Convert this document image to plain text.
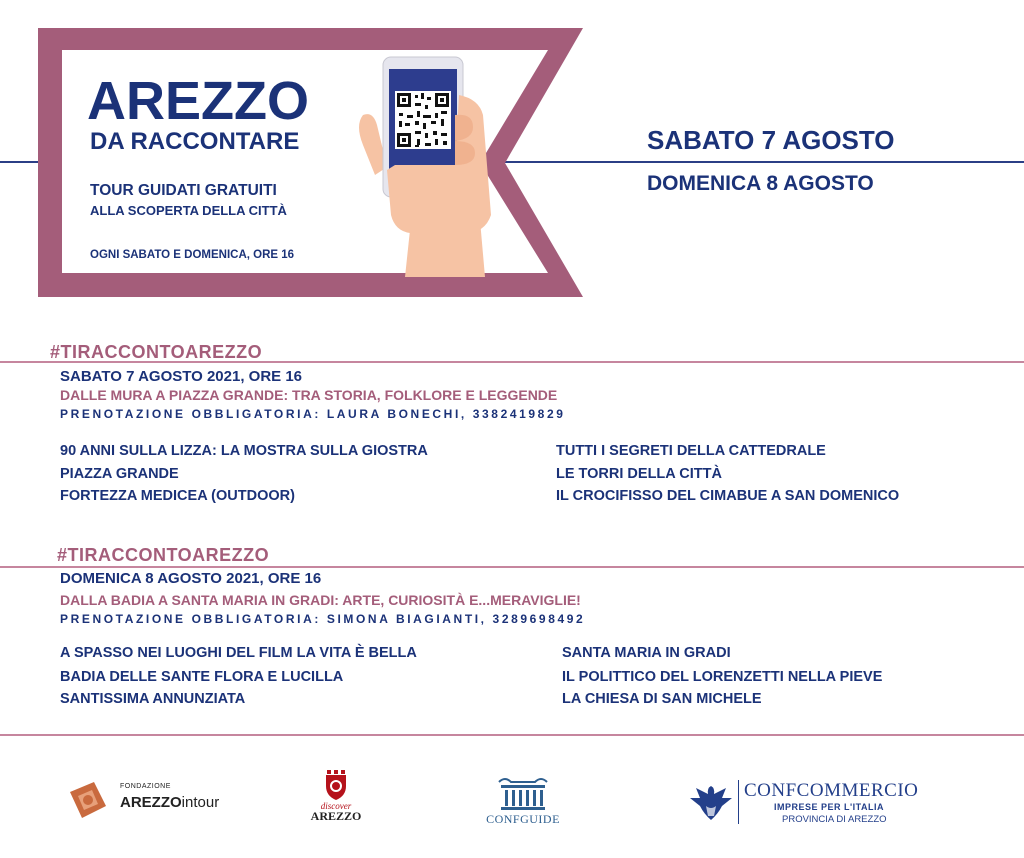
AREZZO
DA RACCONTARE
TOUR GUIDATI GRATUITI
ALLA SCOPERTA DELLA CITTÀ
OGNI SABATO E DOMENICA, ORE 16
SABATO 7 AGOSTO
DOMENICA 8 AGOSTO
#TIRACCONTOAREZZO
SABATO 7 AGOSTO 2021, ORE 16
DALLE MURA A PIAZZA GRANDE: TRA STORIA, FOLKLORE E LEGGENDE
PRENOTAZIONE OBBLIGATORIA: LAURA BONECHI, 3382419829
90 ANNI SULLA LIZZA: LA MOSTRA SULLA GIOSTRA
PIAZZA GRANDE
FORTEZZA MEDICEA (OUTDOOR)
TUTTI I SEGRETI DELLA CATTEDRALE
LE TORRI DELLA CITTÀ
IL CROCIFISSO DEL CIMABUE A SAN DOMENICO
#TIRACCONTOAREZZO
DOMENICA 8 AGOSTO 2021, ORE 16
DALLA BADIA A SANTA MARIA IN GRADI: ARTE, CURIOSITÀ E...MERAVIGLIE!
PRENOTAZIONE OBBLIGATORIA: SIMONA BIAGIANTI, 3289698492
A SPASSO NEI LUOGHI DEL FILM LA VITA È BELLA
BADIA DELLE SANTE FLORA E LUCILLA
SANTISSIMA ANNUNZIATA
SANTA MARIA IN GRADI
IL POLITTICO DEL LORENZETTI NELLA PIEVE
LA CHIESA DI SAN MICHELE
FONDAZIONE
AREZZOintour	discover
AREZZO	CONFGUIDE
CONFCOMMERCIO
IMPRESE PER L'ITALIA
PROVINCIA DI AREZZO
